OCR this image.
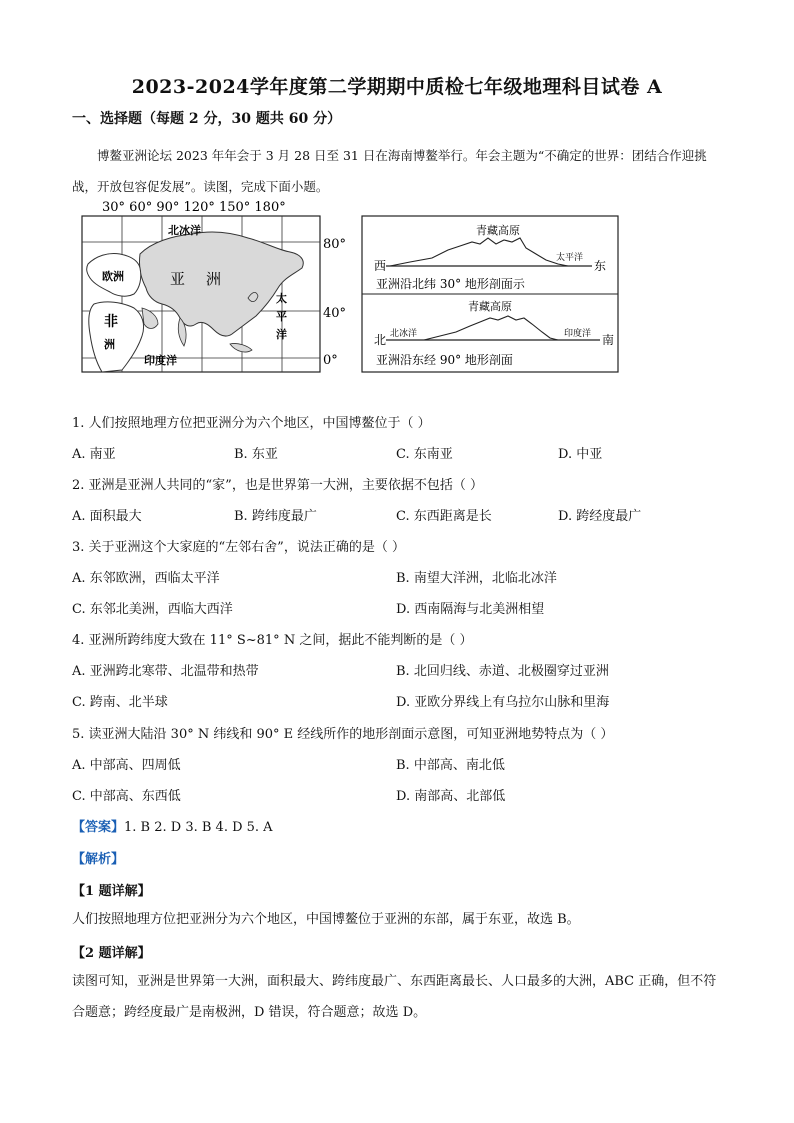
2023-2024学年度第二学期期中质检七年级地理科目试卷 A
一、选择题（每题 2 分，30 题共 60 分）
博鳌亚洲论坛 2023 年年会于 3 月 28 日至 31 日在海南博鳌举行。年会主题为“不确定的世界：团结合作迎挑战，开放包容促发展”。读图，完成下面小题。
30° 60° 90° 120° 150° 180°
北冰洋
欧洲	亚 洲
非
洲
印度洋
太
平
洋
80°
40°
0°
青藏高原
西	东
太平洋
亚洲沿北纬 30° 地形剖面示
青藏高原
北	南
北冰洋	印度洋
亚洲沿东经 90° 地形剖面
1. 人们按照地理方位把亚洲分为六个地区，中国博鳌位于（ ）
A. 南亚	B. 东亚	C. 东南亚	D. 中亚
2. 亚洲是亚洲人共同的“家”，也是世界第一大洲，主要依据不包括（ ）
A. 面积最大	B. 跨纬度最广	C. 东西距离是长	D. 跨经度最广
3. 关于亚洲这个大家庭的“左邻右舍”，说法正确的是（ ）
A. 东邻欧洲，西临太平洋	B. 南望大洋洲，北临北冰洋
C. 东邻北美洲，西临大西洋	D. 西南隔海与北美洲相望
4. 亚洲所跨纬度大致在 11° S~81° N 之间，据此不能判断的是（ ）
A. 亚洲跨北寒带、北温带和热带	B. 北回归线、赤道、北极圈穿过亚洲
C. 跨南、北半球	D. 亚欧分界线上有乌拉尔山脉和里海
5. 读亚洲大陆沿 30° N 纬线和 90° E 经线所作的地形剖面示意图，可知亚洲地势特点为（ ）
A. 中部高、四周低	B. 中部高、南北低
C. 中部高、东西低	D. 南部高、北部低
【答案】1. B 2. D 3. B 4. D 5. A
【解析】
【1 题详解】
人们按照地理方位把亚洲分为六个地区，中国博鳌位于亚洲的东部，属于东亚，故选 B。
【2 题详解】
读图可知，亚洲是世界第一大洲，面积最大、跨纬度最广、东西距离最长、人口最多的大洲，ABC 正确，但不符合题意；跨经度最广是南极洲，D 错误，符合题意；故选 D。
